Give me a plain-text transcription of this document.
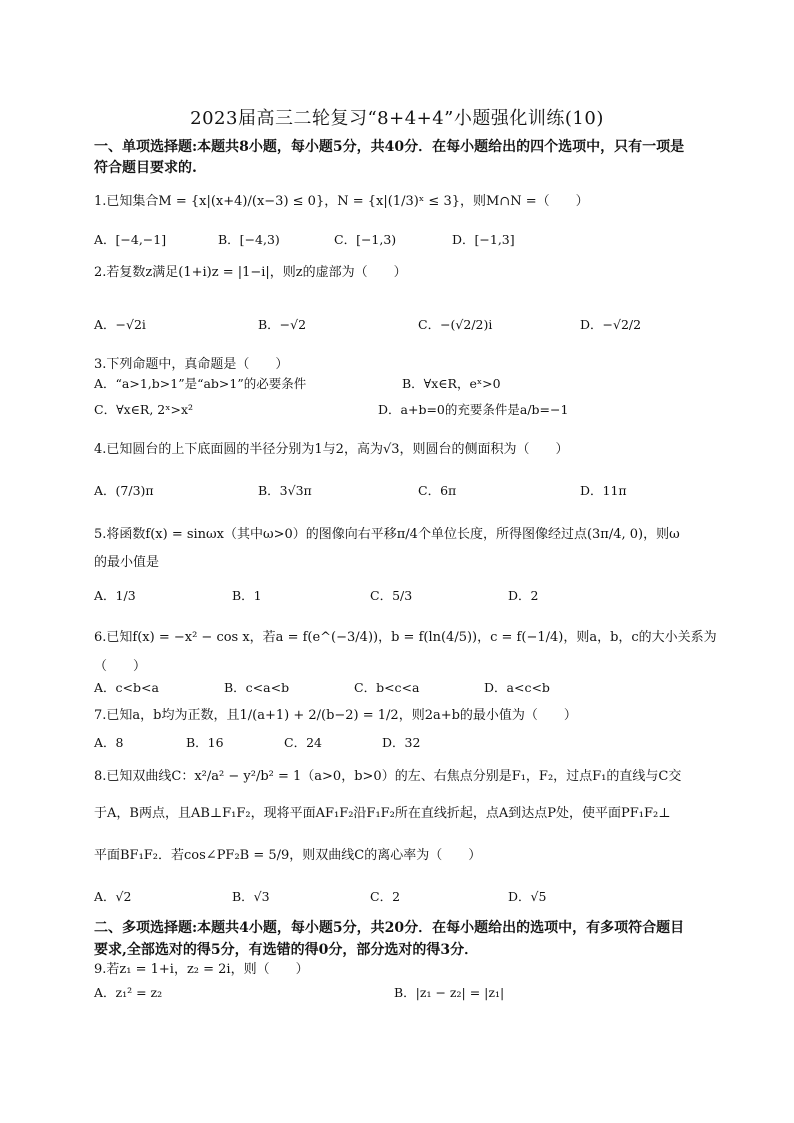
2023届高三二轮复习“8+4+4”小题强化训练(10)
一、单项选择题:本题共8小题，每小题5分，共40分．在每小题给出的四个选项中，只有一项是
符合题目要求的.
1.已知集合M = {x|(x+4)/(x−3) ≤ 0}，N = {x|(1/3)ˣ ≤ 3}，则M∩N =（　　）
A．[−4,−1]	B．[−4,3)	C．[−1,3)	D．[−1,3]
2.若复数z满足(1+i)z = |1−i|，则z的虚部为（　　）
A．−√2i	B．−√2	C．−(√2/2)i	D．−√2/2
3.下列命题中，真命题是（　　）
A．“a>1,b>1”是“ab>1”的必要条件	B．∀x∈R，eˣ>0
C．∀x∈R, 2ˣ>x²	D．a+b=0的充要条件是a/b=−1
4.已知圆台的上下底面圆的半径分别为1与2，高为√3，则圆台的侧面积为（　　）
A．(7/3)π	B．3√3π	C．6π	D．11π
5.将函数f(x) = sinωx（其中ω>0）的图像向右平移π/4个单位长度，所得图像经过点(3π/4, 0)，则ω
的最小值是
A．1/3	B．1	C．5/3	D．2
6.已知f(x) = −x² − cos x，若a = f(e^(−3/4))，b = f(ln(4/5))，c = f(−1/4)，则a，b，c的大小关系为
（　　）
A．c<b<a	B．c<a<b	C．b<c<a	D．a<c<b
7.已知a，b均为正数，且1/(a+1) + 2/(b−2) = 1/2，则2a+b的最小值为（　　）
A．8	B．16	C．24	D．32
8.已知双曲线C：x²/a² − y²/b² = 1（a>0，b>0）的左、右焦点分别是F₁，F₂，过点F₁的直线与C交
于A，B两点，且AB⊥F₁F₂，现将平面AF₁F₂沿F₁F₂所在直线折起，点A到达点P处，使平面PF₁F₂⊥
平面BF₁F₂．若cos∠PF₂B = 5/9，则双曲线C的离心率为（　　）
A．√2	B．√3	C．2	D．√5
二、多项选择题:本题共4小题，每小题5分，共20分．在每小题给出的选项中，有多项符合题目
要求,全部选对的得5分，有选错的得0分，部分选对的得3分．
9.若z₁ = 1+i，z₂ = 2i，则（　　）
A．z₁² = z₂	B．|z₁ − z₂| = |z₁|
